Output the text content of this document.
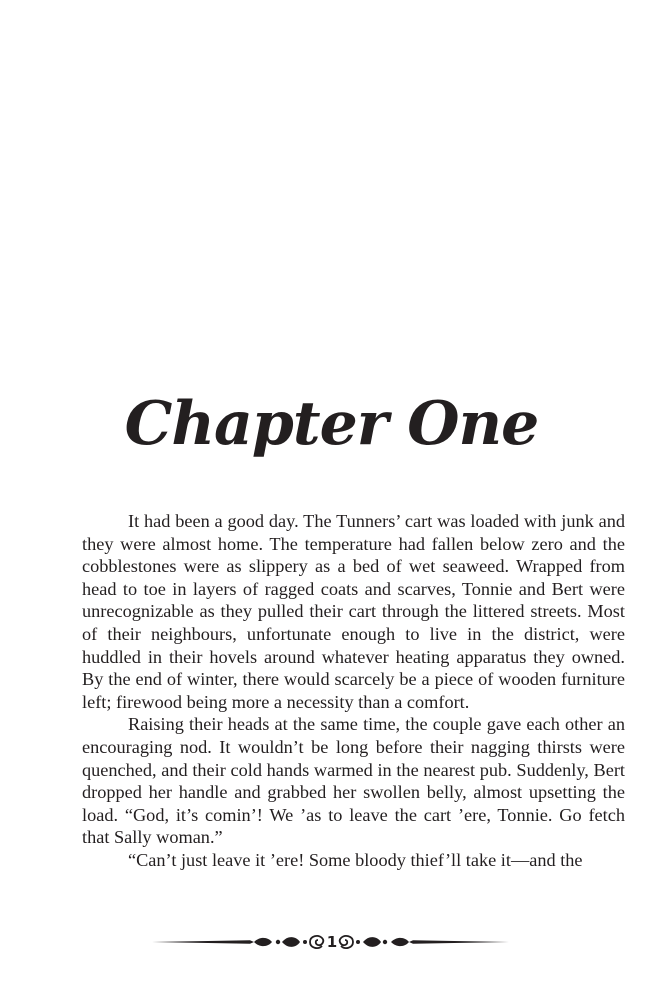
Chapter One

It had been a good day. The Tunners’ cart was loaded with junk and they were almost home. The temperature had fallen below zero and the cobblestones were as slippery as a bed of wet seaweed. Wrapped from head to toe in layers of ragged coats and scarves, Tonnie and Bert were unrecognizable as they pulled their cart through the littered streets. Most of their neighbours, unfortunate enough to live in the district, were huddled in their hovels around whatever heating apparatus they owned. By the end of winter, there would scarcely be a piece of wooden furniture left; firewood being more a necessity than a comfort.

Raising their heads at the same time, the couple gave each other an encouraging nod. It wouldn’t be long before their nagging thirsts were quenched, and their cold hands warmed in the nearest pub. Suddenly, Bert dropped her handle and grabbed her swollen belly, almost upsetting the load. “God, it’s comin’! We ’as to leave the cart ’ere, Tonnie. Go fetch that Sally woman.”

“Can’t just leave it ’ere! Some bloody thief’ll take it—and the

1
